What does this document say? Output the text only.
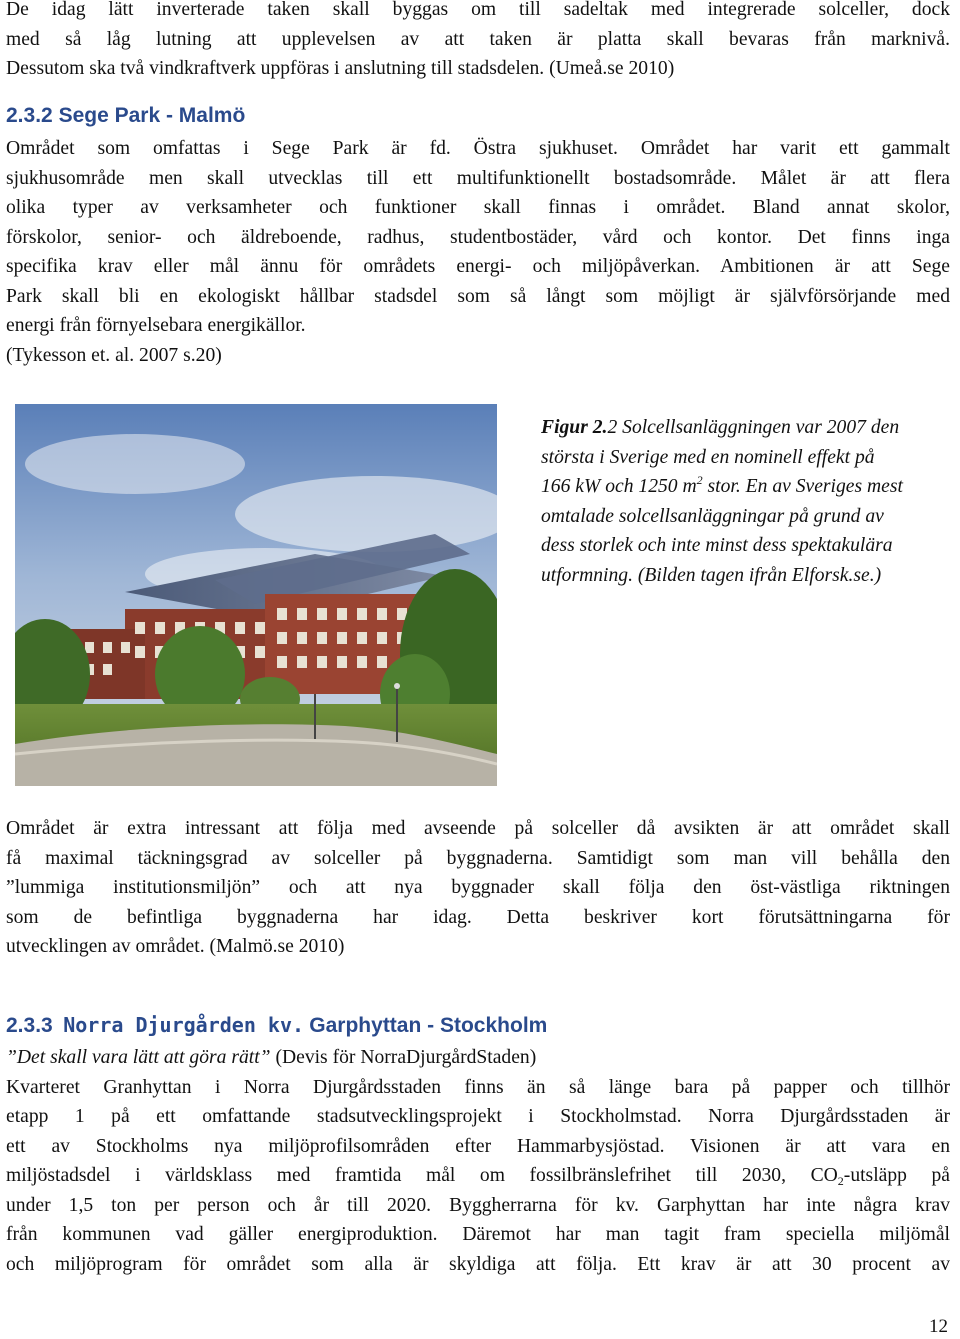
De idag lätt inverterade taken skall byggas om till sadeltak med integrerade solceller, dock
med så låg lutning att upplevelsen av att taken är platta skall bevaras från marknivå.
Dessutom ska två vindkraftverk uppföras i anslutning till stadsdelen. (Umeå.se 2010)
2.3.2 Sege Park - Malmö
Området som omfattas i Sege Park är fd. Östra sjukhuset. Området har varit ett gammalt
sjukhusområde men skall utvecklas till ett multifunktionellt bostadsområde. Målet är att flera
olika typer av verksamheter och funktioner skall finnas i området. Bland annat skolor,
förskolor, senior- och äldreboende, radhus, studentbostäder, vård och kontor. Det finns inga
specifika krav eller mål ännu för områdets energi- och miljöpåverkan. Ambitionen är att Sege
Park skall bli en ekologiskt hållbar stadsdel som så långt som möjligt är självförsörjande med
energi från förnyelsebara energikällor.
(Tykesson et. al. 2007 s.20)
Figur 2.2 Solcellsanläggningen var 2007 den
största i Sverige med en nominell effekt på
166 kW och 1250 $m^2$ stor. En av Sveriges mest
omtalade solcellsanläggningar på grund av
dess storlek och inte minst dess spektakulära
utformning. (Bilden tagen ifrån Elforsk.se.)
Området är extra intressant att följa med avseende på solceller då avsikten är att området skall
få maximal täckningsgrad av solceller på byggnaderna. Samtidigt som man vill behålla den
”lummiga institutionsmiljön” och att nya byggnader skall följa den öst-västliga riktningen
som de befintliga byggnaderna har idag. Detta beskriver kort förutsättningarna för
utvecklingen av området. (Malmö.se 2010)
2.3.3 Norra Djurgården kv. Garphyttan - Stockholm
”Det skall vara lätt att göra rätt” (Devis för NorraDjurgårdStaden)
Kvarteret Granhyttan i Norra Djurgårdsstaden finns än så länge bara på papper och tillhör
etapp 1 på ett omfattande stadsutvecklingsprojekt i Stockholmstad. Norra Djurgårdsstaden är
ett av Stockholms nya miljöprofilsområden efter Hammarbysjöstad. Visionen är att vara en
miljöstadsdel i världsklass med framtida mål om fossilbränslefrihet till 2030, $CO_2$-utsläpp på
under 1,5 ton per person och år till 2020. Byggherrarna för kv. Garphyttan har inte några krav
från kommunen vad gäller energiproduktion. Däremot har man tagit fram speciella miljömål
och miljöprogram för området som alla är skyldiga att följa. Ett krav är att 30 procent av
12
